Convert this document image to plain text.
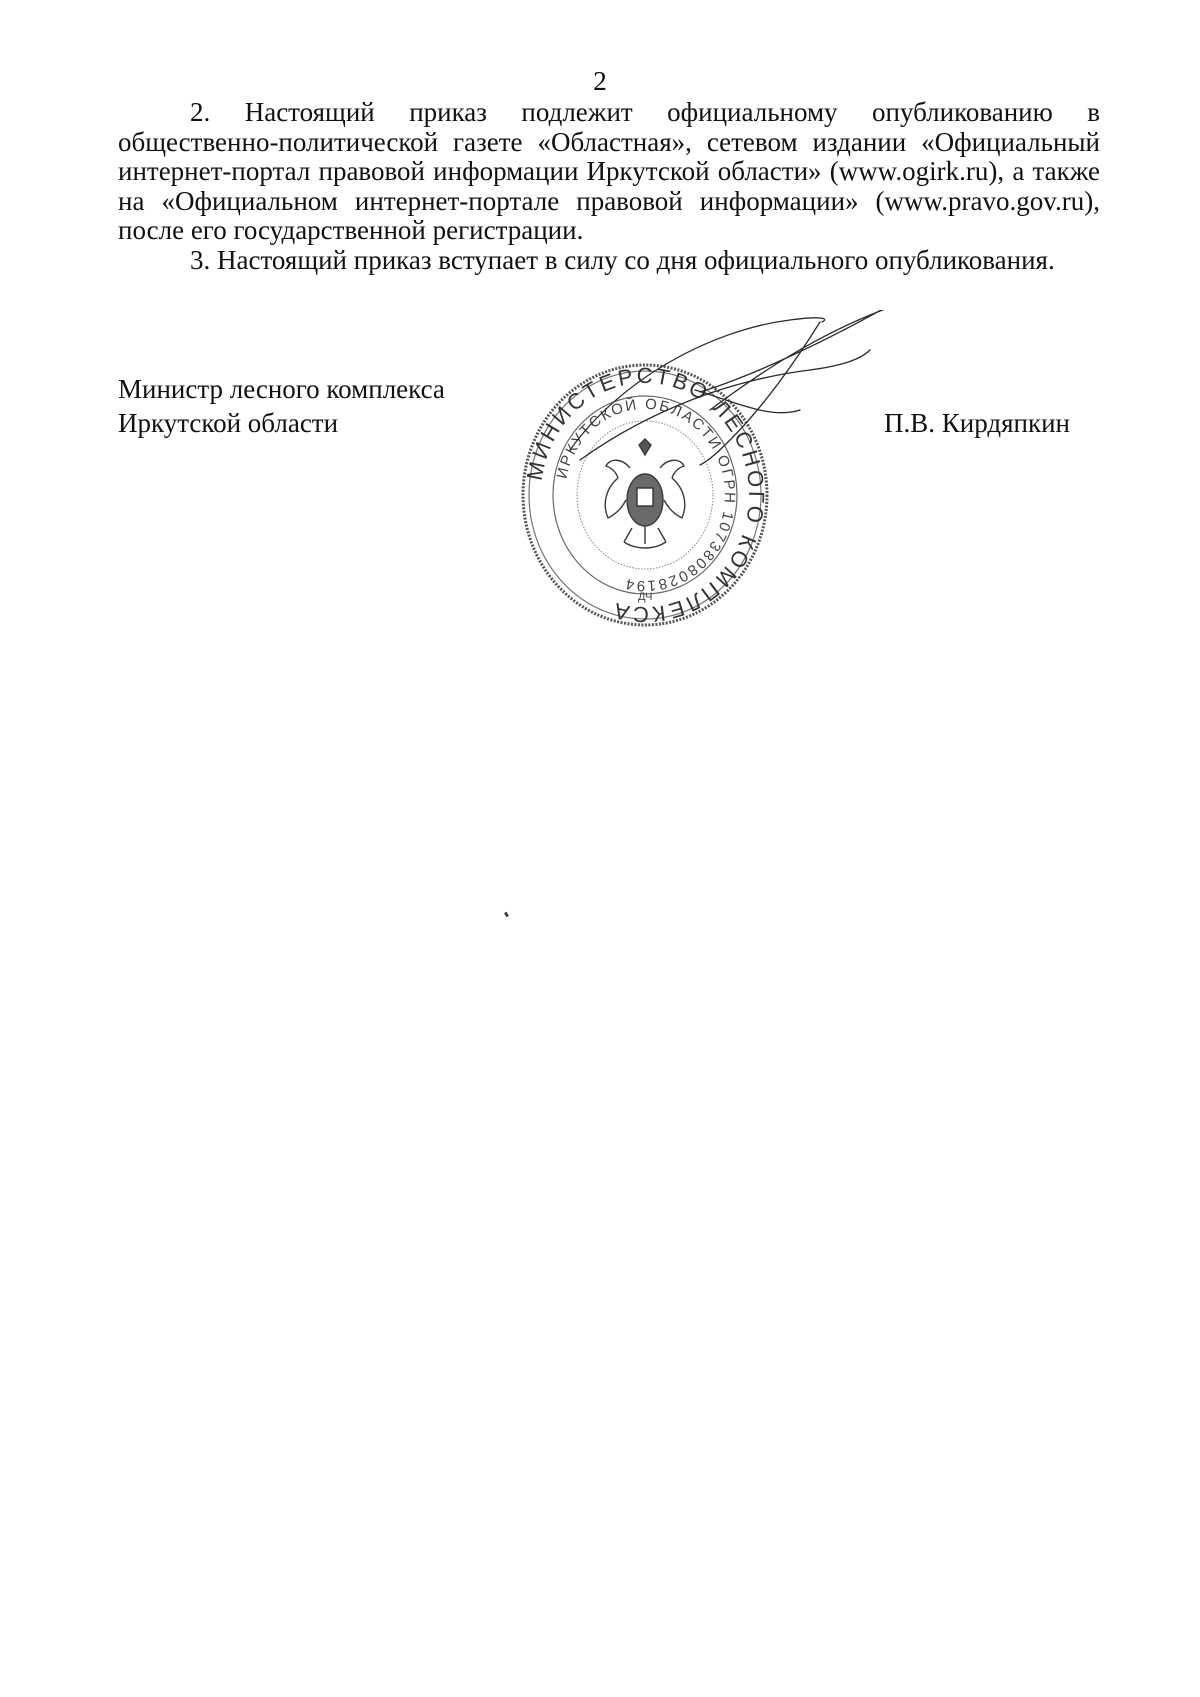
2

2. Настоящий приказ подлежит официальному опубликованию в общественно-политической газете «Областная», сетевом издании «Официальный интернет-портал правовой информации Иркутской области» (www.ogirk.ru), а также на «Официальном интернет-портале правовой информации» (www.pravo.gov.ru), после его государственной регистрации.

3. Настоящий приказ вступает в силу со дня официального опубликования.

Министр лесного комплекса
Иркутской области	П.В. Кирдяпкин
МИНИСТЕРСТВО ЛЕСНОГО КОМПЛЕКСА
ИРКУТСКОЙ ОБЛАСТИ ОГРН 1073808028194
ДЧ
